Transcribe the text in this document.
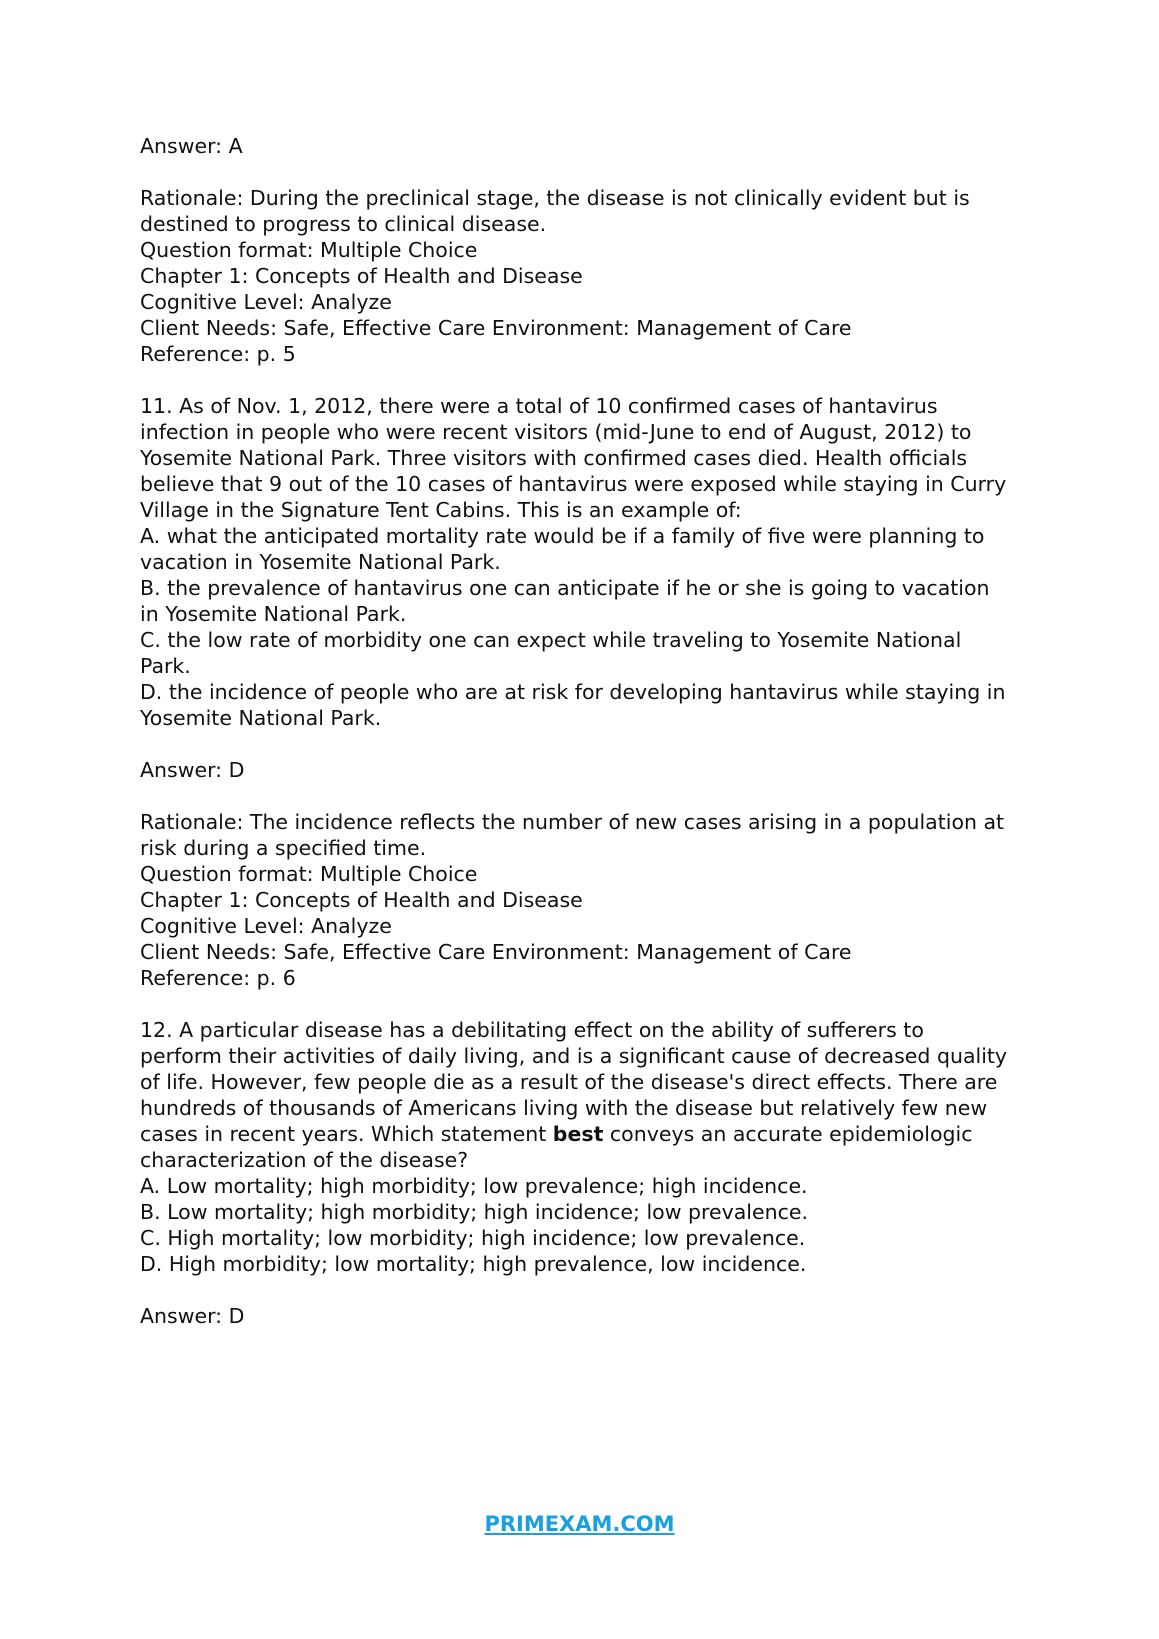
Answer: A
Rationale: During the preclinical stage, the disease is not clinically evident but is
destined to progress to clinical disease.
Question format: Multiple Choice
Chapter 1: Concepts of Health and Disease
Cognitive Level: Analyze
Client Needs: Safe, Effective Care Environment: Management of Care
Reference: p. 5
11. As of Nov. 1, 2012, there were a total of 10 confirmed cases of hantavirus
infection in people who were recent visitors (mid-June to end of August, 2012) to
Yosemite National Park. Three visitors with confirmed cases died. Health officials
believe that 9 out of the 10 cases of hantavirus were exposed while staying in Curry
Village in the Signature Tent Cabins. This is an example of:
A. what the anticipated mortality rate would be if a family of five were planning to
vacation in Yosemite National Park.
B. the prevalence of hantavirus one can anticipate if he or she is going to vacation
in Yosemite National Park.
C. the low rate of morbidity one can expect while traveling to Yosemite National
Park.
D. the incidence of people who are at risk for developing hantavirus while staying in
Yosemite National Park.
Answer: D
Rationale: The incidence reflects the number of new cases arising in a population at
risk during a specified time.
Question format: Multiple Choice
Chapter 1: Concepts of Health and Disease
Cognitive Level: Analyze
Client Needs: Safe, Effective Care Environment: Management of Care
Reference: p. 6
12. A particular disease has a debilitating effect on the ability of sufferers to
perform their activities of daily living, and is a significant cause of decreased quality
of life. However, few people die as a result of the disease's direct effects. There are
hundreds of thousands of Americans living with the disease but relatively few new
cases in recent years. Which statement best conveys an accurate epidemiologic
characterization of the disease?
A. Low mortality; high morbidity; low prevalence; high incidence.
B. Low mortality; high morbidity; high incidence; low prevalence.
C. High mortality; low morbidity; high incidence; low prevalence.
D. High morbidity; low mortality; high prevalence, low incidence.
Answer: D
PRIMEXAM.COM
